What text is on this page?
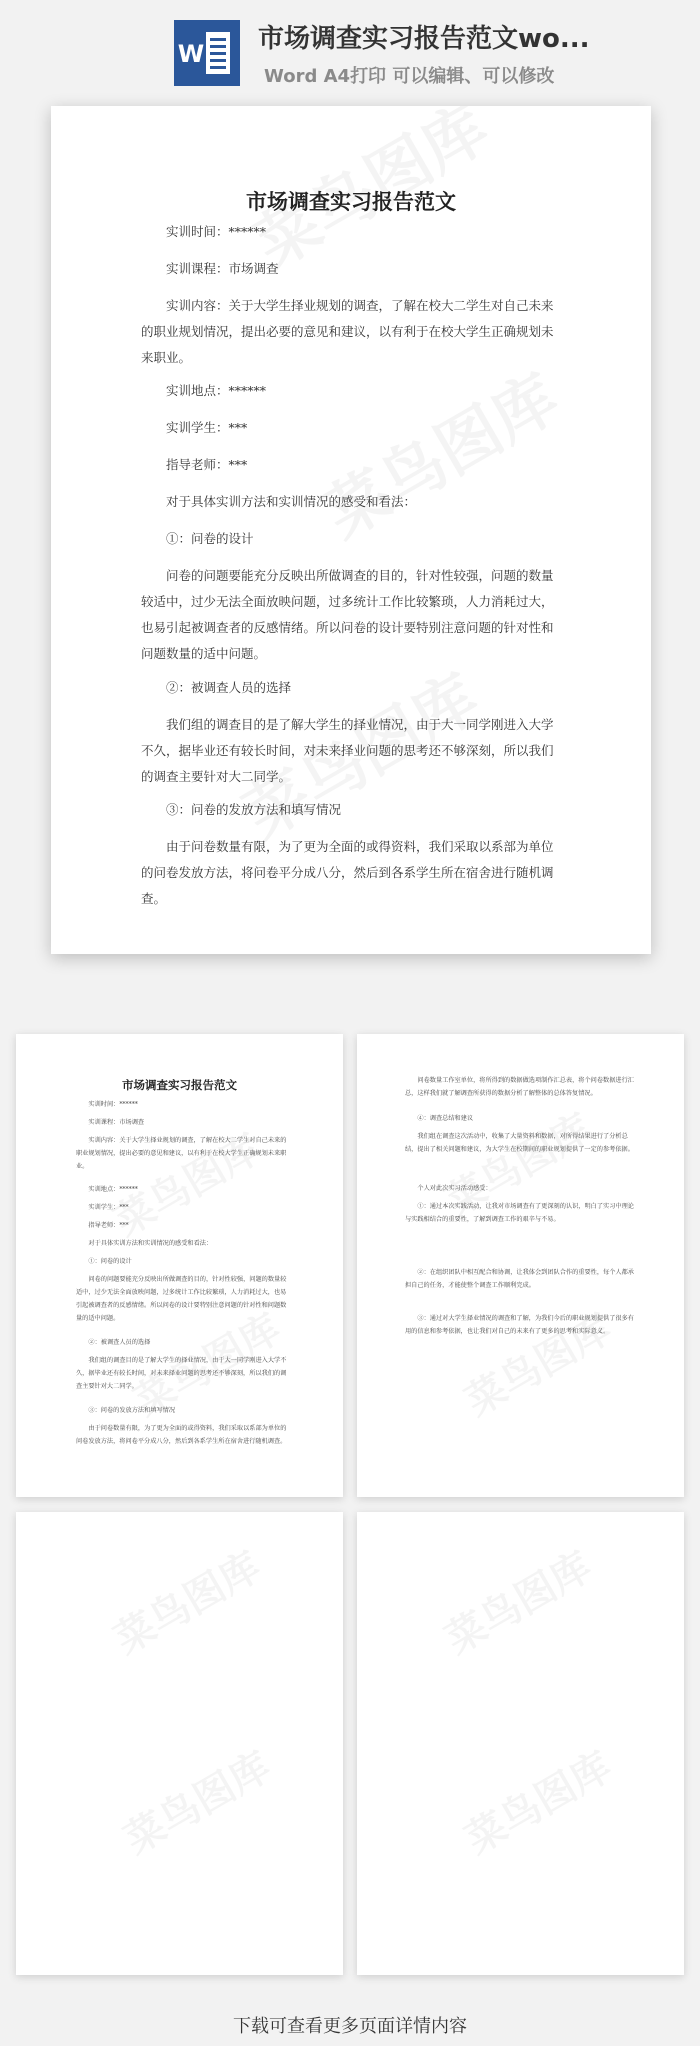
W 市场调查实习报告范文wo...
Word A4打印 可以编辑、可以修改
市场调查实习报告范文

实训时间：******

实训课程：市场调查

实训内容：关于大学生择业规划的调查，了解在校大二学生对自己未来的职业规划情况，提出必要的意见和建议，以有利于在校大学生正确规划未来职业。

实训地点：******

实训学生：***

指导老师：***

对于具体实训方法和实训情况的感受和看法：

①：问卷的设计

问卷的问题要能充分反映出所做调查的目的，针对性较强，问题的数量较适中，过少无法全面放映问题，过多统计工作比较繁琐，人力消耗过大，也易引起被调查者的反感情绪。所以问卷的设计要特别注意问题的针对性和问题数量的适中问题。

②：被调查人员的选择

我们组的调查目的是了解大学生的择业情况，由于大一同学刚进入大学不久，据毕业还有较长时间，对未来择业问题的思考还不够深刻，所以我们的调查主要针对大二同学。

③：问卷的发放方法和填写情况

由于问卷数量有限，为了更为全面的或得资料，我们采取以系部为单位的问卷发放方法，将问卷平分成八分，然后到各系学生所在宿舍进行随机调查。

市场调查实习报告范文

实训时间：******

实训课程：市场调查

实训内容：关于大学生择业规划的调查，了解在校大二学生对自己未来的职业规划情况，提出必要的意见和建议，以有利于在校大学生正确规划未来职业。

实训地点：******

实训学生：***

指导老师：***

对于具体实训方法和实训情况的感受和看法：

①：问卷的设计

问卷的问题要能充分反映出所做调查的目的，针对性较强，问题的数量较适中，过少无法全面放映问题，过多统计工作比较繁琐，人力消耗过大，也易引起被调查者的反感情绪。所以问卷的设计要特别注意问题的针对性和问题数量的适中问题。

②：被调查人员的选择

我们组的调查目的是了解大学生的择业情况，由于大一同学刚进入大学不久，据毕业还有较长时间，对未来择业问题的思考还不够深刻，所以我们的调查主要针对大二同学。

③：问卷的发放方法和填写情况

由于问卷数量有限，为了更为全面的或得资料，我们采取以系部为单位的问卷发放方法，将问卷平分成八分，然后到各系学生所在宿舍进行随机调查。

问卷数量工作室单位，将所得到的数据做选项制作汇总表，将个问卷数据进行汇总，这样我们就了解调查所获得的数据分析了解整体的总体答复情况。

④：调查总结和建议

我们组在调查这次活动中，收集了大量资料和数据，对所得结果进行了分析总结，提出了相关问题和建议，为大学生在校期间的职业规划提供了一定的参考依据。

个人对此次实习活动感受：

①：通过本次实践活动，让我对市场调查有了更深刻的认识，明白了实习中理论与实践相结合的重要性，了解到调查工作的艰辛与不易。

②：在组织团队中相互配合和协调，让我体会到团队合作的重要性，每个人都承担自己的任务，才能使整个调查工作顺利完成。

③：通过对大学生择业情况的调查和了解，为我们今后的职业规划提供了很多有用的信息和参考依据，也让我们对自己的未来有了更多的思考和实际意义。

下载可查看更多页面详情内容
